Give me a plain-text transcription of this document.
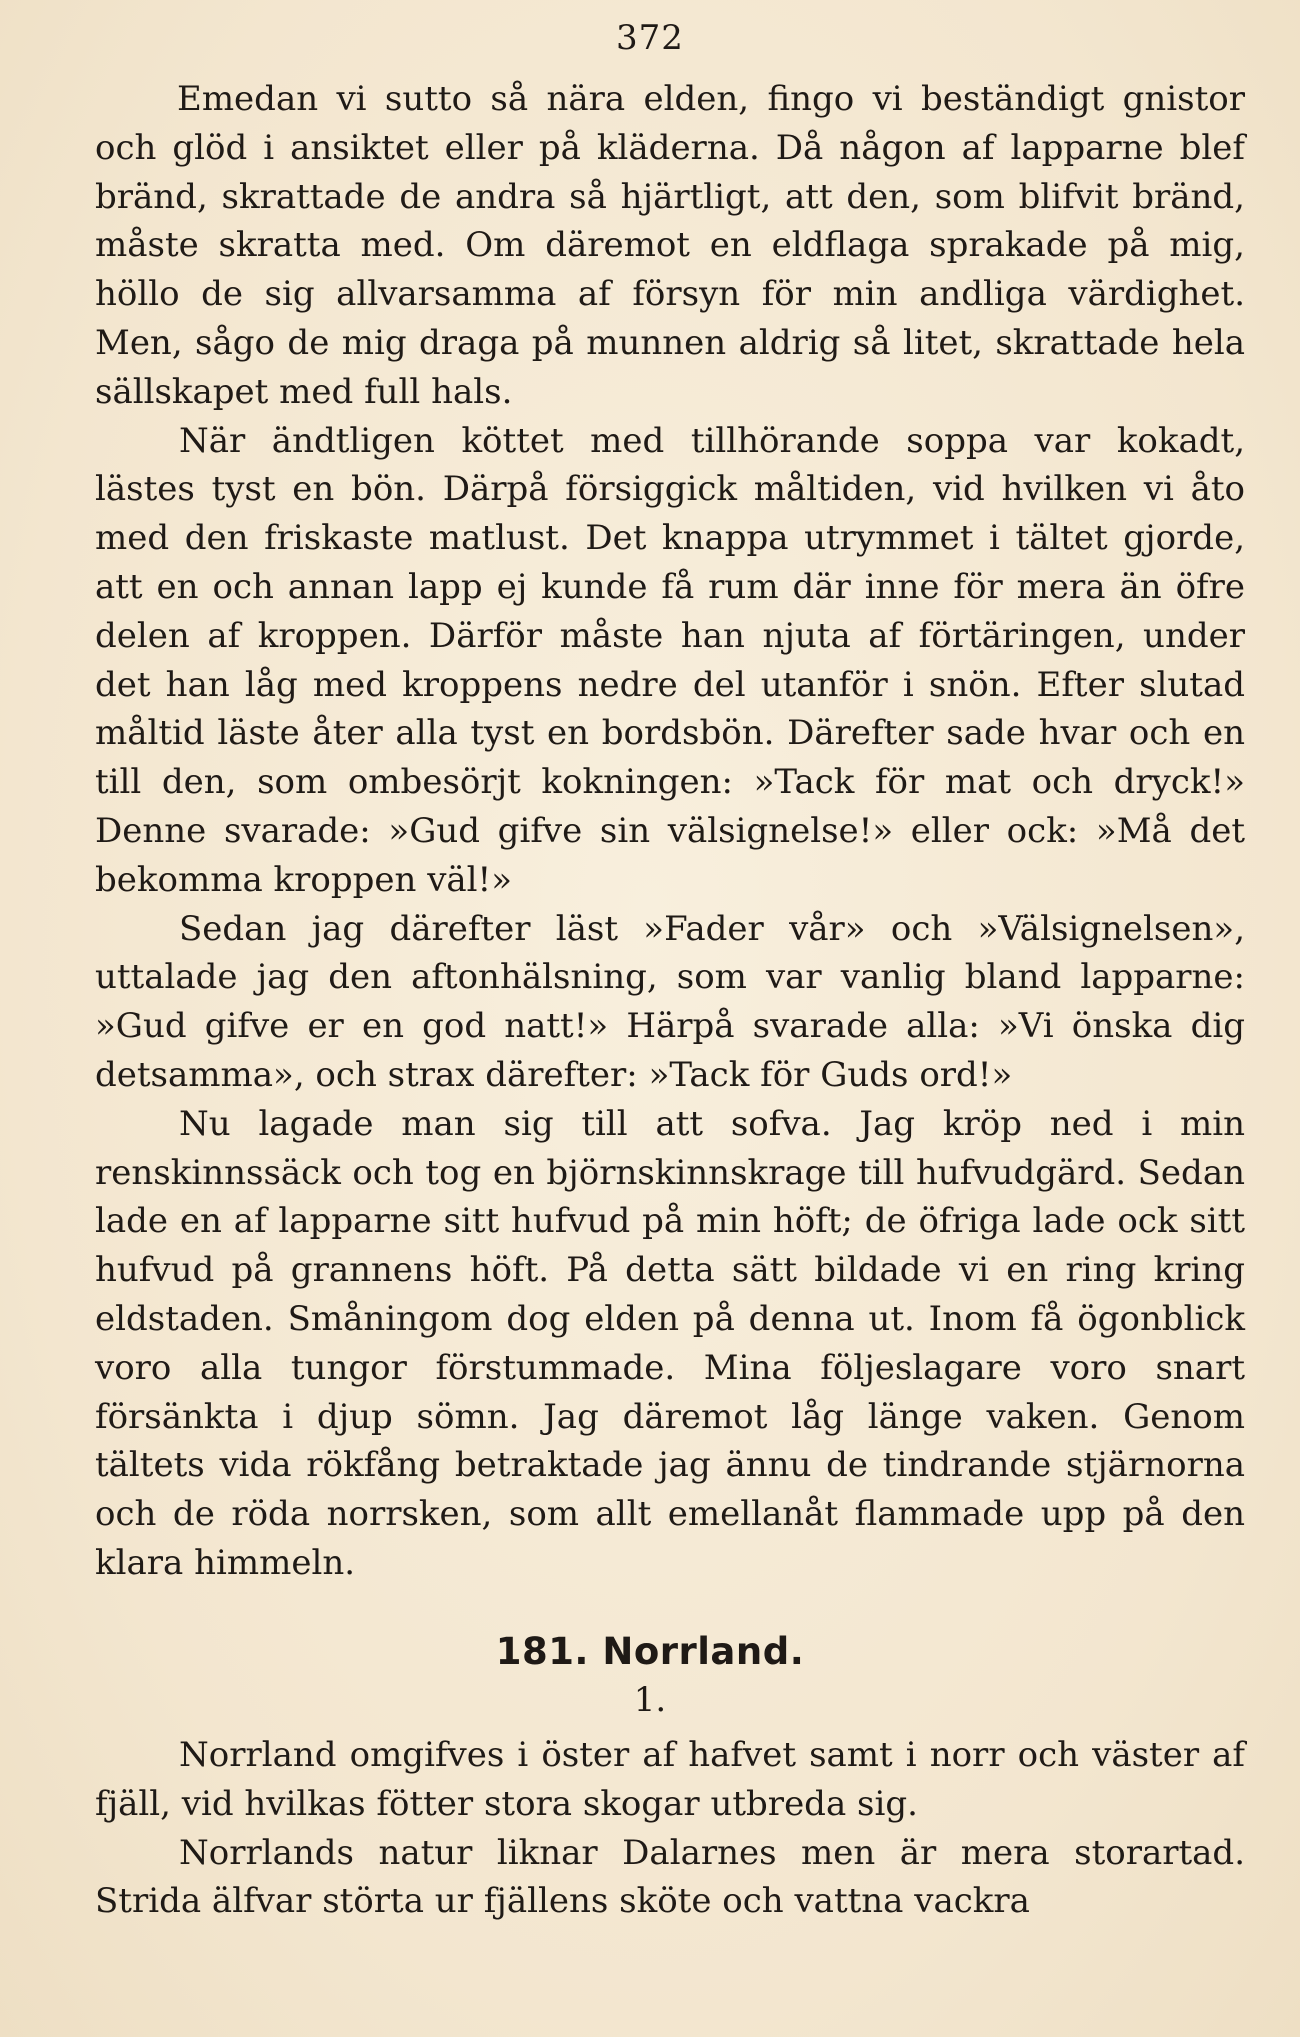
372

Emedan vi sutto så nära elden, fingo vi beständigt gnistor och glöd i ansiktet eller på kläderna. Då någon af lapparne blef bränd, skrattade de andra så hjärtligt, att den, som blifvit bränd, måste skratta med. Om däremot en eldflaga sprakade på mig, höllo de sig allvarsamma af försyn för min andliga värdighet. Men, sågo de mig draga på munnen aldrig så litet, skrattade hela sällskapet med full hals.

När ändtligen köttet med tillhörande soppa var kokadt, lästes tyst en bön. Därpå försiggick måltiden, vid hvilken vi åto med den friskaste matlust. Det knappa utrymmet i tältet gjorde, att en och annan lapp ej kunde få rum där inne för mera än öfre delen af kroppen. Därför måste han njuta af förtäringen, under det han låg med kroppens nedre del utanför i snön. Efter slutad måltid läste åter alla tyst en bordsbön. Därefter sade hvar och en till den, som ombesörjt kokningen: »Tack för mat och dryck!» Denne svarade: »Gud gifve sin välsignelse!» eller ock: »Må det bekomma kroppen väl!»

Sedan jag därefter läst »Fader vår» och »Välsignelsen», uttalade jag den aftonhälsning, som var vanlig bland lapparne: »Gud gifve er en god natt!» Härpå svarade alla: »Vi önska dig detsamma», och strax därefter: »Tack för Guds ord!»

Nu lagade man sig till att sofva. Jag kröp ned i min renskinnssäck och tog en björnskinnskrage till hufvudgärd. Sedan lade en af lapparne sitt hufvud på min höft; de öfriga lade ock sitt hufvud på grannens höft. På detta sätt bildade vi en ring kring eldstaden. Småningom dog elden på denna ut. Inom få ögonblick voro alla tungor förstummade. Mina följeslagare voro snart försänkta i djup sömn. Jag däremot låg länge vaken. Genom tältets vida rökfång betraktade jag ännu de tindrande stjärnorna och de röda norrsken, som allt emellanåt flammade upp på den klara himmeln.

181. Norrland.
1.

Norrland omgifves i öster af hafvet samt i norr och väster af fjäll, vid hvilkas fötter stora skogar utbreda sig.

Norrlands natur liknar Dalarnes men är mera storartad. Strida älfvar störta ur fjällens sköte och vattna vackra
